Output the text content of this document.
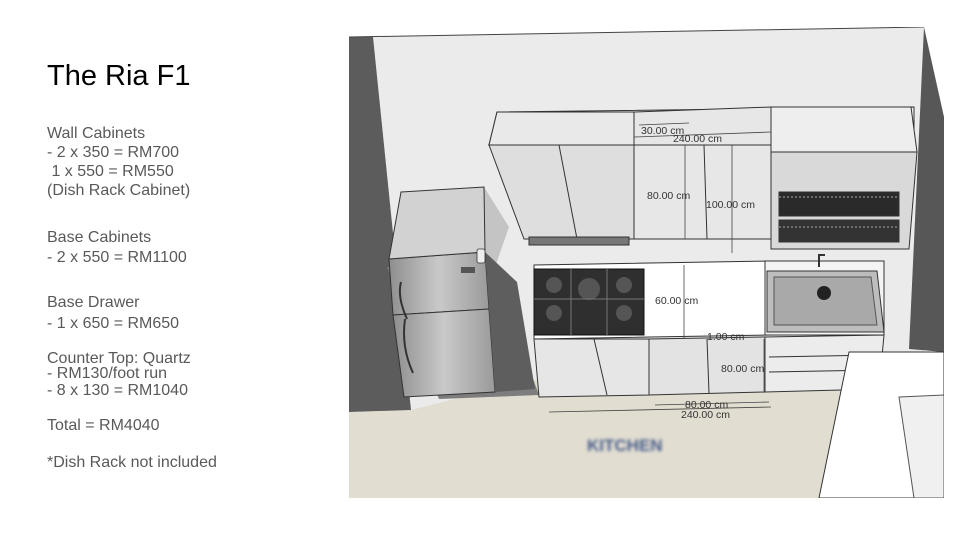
The Ria F1
Wall Cabinets
- 2 x 350 = RM700
1 x 550 = RM550
(Dish Rack Cabinet)
Base Cabinets
- 2 x 550 = RM1100
Base Drawer
- 1 x 650 = RM650
Counter Top: Quartz
- RM130/foot run
- 8 x 130 = RM1040
Total = RM4040
*Dish Rack not included
30.00 cm
240.00 cm
80.00 cm
100.00 cm
60.00 cm
1.00 cm
80.00 cm
80.00 cm
240.00 cm
KITCHEN
